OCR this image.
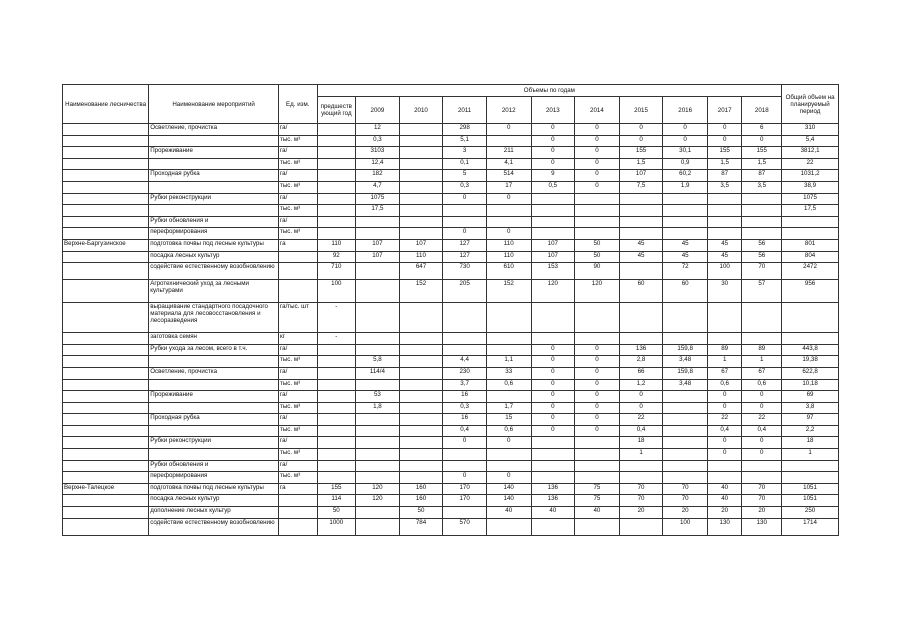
Наименование лесничества	Наименование мероприятий	Ед. изм.	Объемы по годам											Общий объем на планируемый период
			предшеств ующий год	2009	2010	2011	2012	2013	2014	2015	2016	2017	2018	
	Осветление, прочистка	га/		12		298	0	0	0	0	0	0	6	310
		тыс. м³		0,3		5,1		0	0	0	0	0	0	5,4
	Прореживание	га/		3103		3	211	0	0	155	30,1	155	155	3812,1
		тыс. м³		12,4		0,1	4,1	0	0	1,5	0,9	1,5	1,5	22
	Проходная рубка	га/		182		5	514	9	0	107	60,2	87	87	1031,2
		тыс. м³		4,7		0,3	17	0,5	0	7,5	1,9	3,5	3,5	38,9
	Рубки реконструкции	га/		1075		0	0							1075
		тыс. м³		17,5										17,5
	Рубки обновления и	га/												
	переформирования	тыс. м³				0	0							
Верхне-Баргузинское	подготовка почвы под лесные культуры	га	110	107	107	127	110	107	50	45	45	45	56	801
	посадка лесных культур		92	107	110	127	110	107	50	45	45	45	56	804
	содействие естественному возобновлению		710		647	730	610	153	90		72	100	70	2472
	Агротехнический уход за лесными культурами		100		152	205	152	120	120	60	60	30	57	956
	выращивание стандартного посадочного материала для лесовосстановления и лесоразведения	га/тыс. шт	-											
	заготовка семян	кг	-											
	Рубки ухода за лесом, всего в т.ч.	га/						0	0	136	159,8	89	89	443,8
		тыс. м³		5,8		4,4	1,1	0	0	2,8	3,48	1	1	19,38
	Осветление, прочистка	га/		114/4		230	33	0	0	66	159,8	67	67	622,8
		тыс. м³				3,7	0,6	0	0	1,2	3,48	0,6	0,6	10,18
	Прореживание	га/		53		16		0	0	0		0	0	69
		тыс. м³		1,8		0,3	1,7	0	0	0		0	0	3,8
	Проходная рубка	га/				16	15	0	0	22		22	22	97
		тыс. м³				0,4	0,6	0	0	0,4		0,4	0,4	2,2
	Рубки реконструкции	га/				0	0			18		0	0	18
		тыс. м³								1		0	0	1
	Рубки обновления и	га/												
	переформирования	тыс. м³				0	0							
Верхне-Талецкое	подготовка почвы под лесные культуры	га	155	120	160	170	140	136	75	70	70	40	70	1051
	посадка лесных культур		114	120	160	170	140	136	75	70	70	40	70	1051
	дополнение лесных культур		50		50		40	40	40	20	20	20	20	250
	содействие естественному возобновлению		1000		784	570					100	130	130	1714
